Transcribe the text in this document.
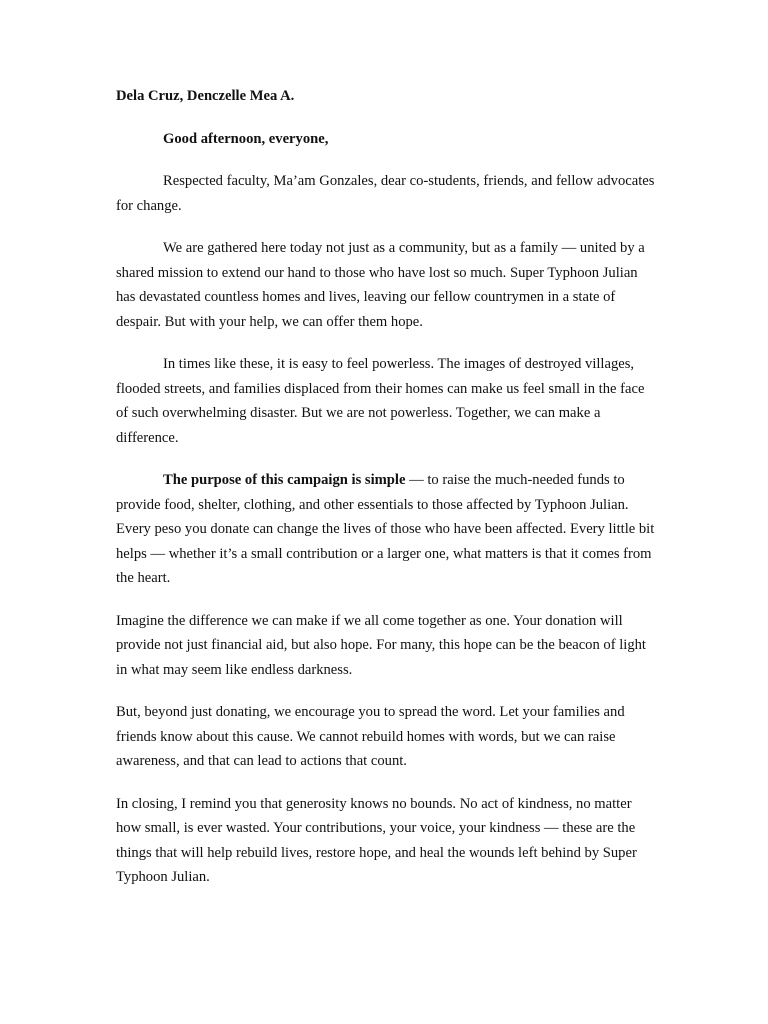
Dela Cruz, Denczelle Mea A.

Good afternoon, everyone,

Respected faculty, Ma’am Gonzales, dear co-students, friends, and fellow advocates for change.

We are gathered here today not just as a community, but as a family — united by a shared mission to extend our hand to those who have lost so much. Super Typhoon Julian has devastated countless homes and lives, leaving our fellow countrymen in a state of despair. But with your help, we can offer them hope.

In times like these, it is easy to feel powerless. The images of destroyed villages, flooded streets, and families displaced from their homes can make us feel small in the face of such overwhelming disaster. But we are not powerless. Together, we can make a difference.

The purpose of this campaign is simple — to raise the much-needed funds to provide food, shelter, clothing, and other essentials to those affected by Typhoon Julian. Every peso you donate can change the lives of those who have been affected. Every little bit helps — whether it’s a small contribution or a larger one, what matters is that it comes from the heart.

Imagine the difference we can make if we all come together as one. Your donation will provide not just financial aid, but also hope. For many, this hope can be the beacon of light in what may seem like endless darkness.

But, beyond just donating, we encourage you to spread the word. Let your families and friends know about this cause. We cannot rebuild homes with words, but we can raise awareness, and that can lead to actions that count.

In closing, I remind you that generosity knows no bounds. No act of kindness, no matter how small, is ever wasted. Your contributions, your voice, your kindness — these are the things that will help rebuild lives, restore hope, and heal the wounds left behind by Super Typhoon Julian.
